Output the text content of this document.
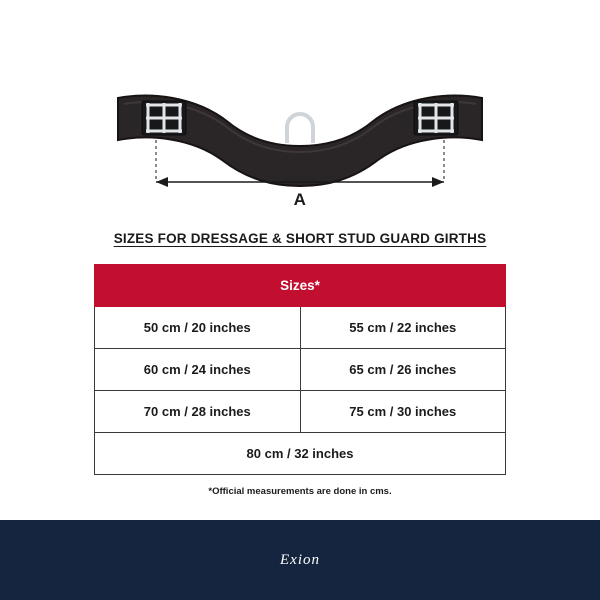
A
SIZES FOR DRESSAGE & SHORT STUD GUARD GIRTHS
Sizes*	
50 cm / 20 inches	55 cm / 22 inches
60 cm / 24 inches	65 cm / 26 inches
70 cm / 28 inches	75 cm / 30 inches
80 cm / 32 inches	
*Official measurements are done in cms.
Exion
